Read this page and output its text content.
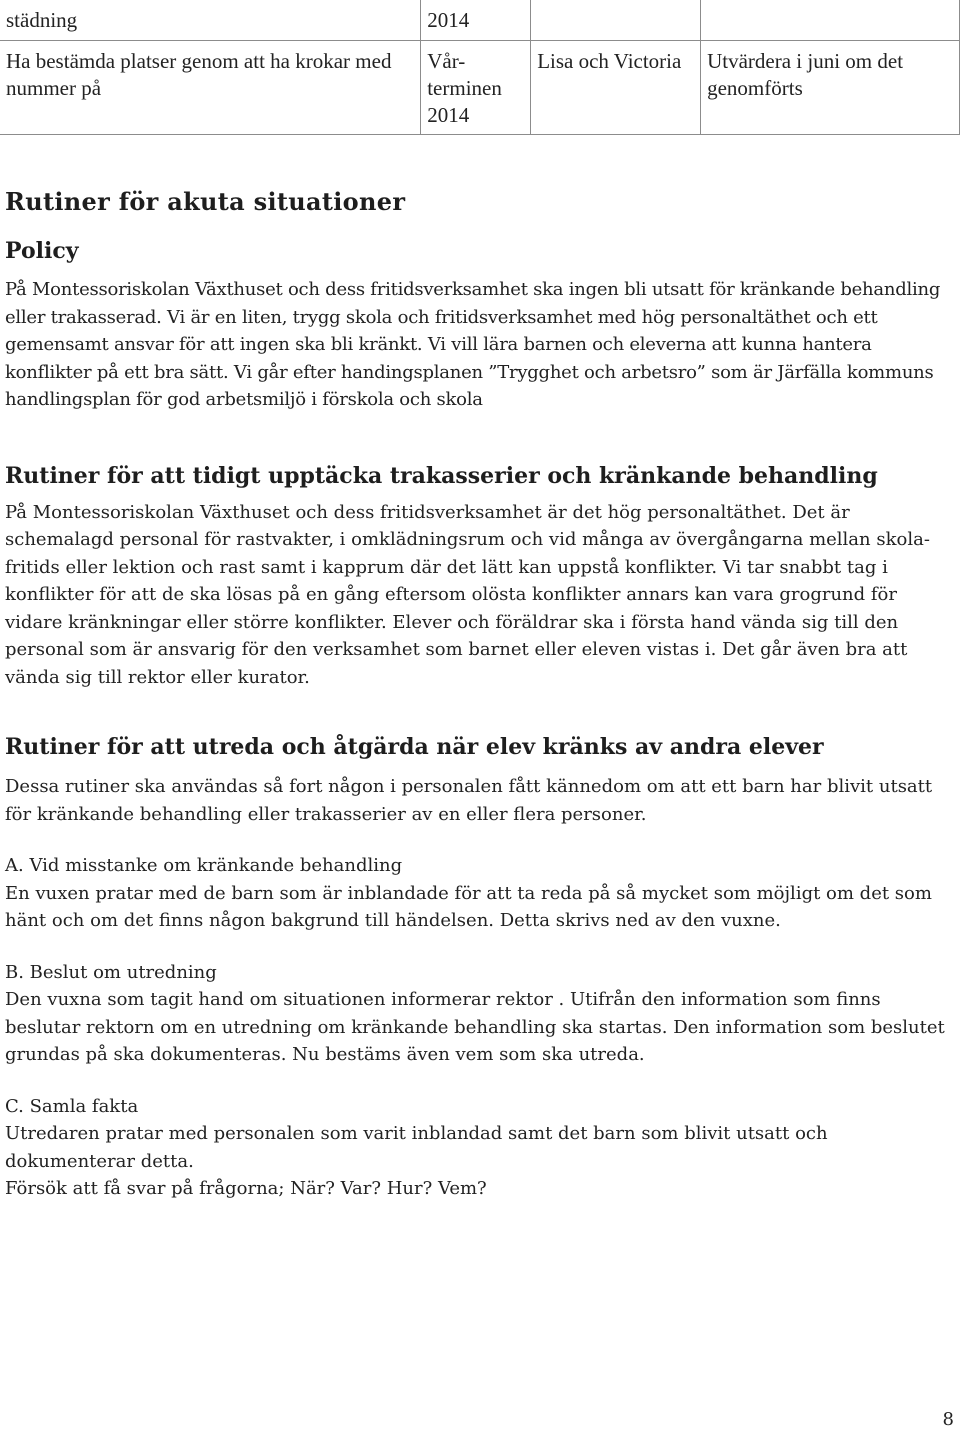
städning	2014		
Ha bestämda platser genom att ha krokar med nummer på	Vår-terminen 2014	Lisa och Victoria	Utvärdera i juni om det genomförts
Rutiner för akuta situationer
Policy

På Montessoriskolan Växthuset och dess fritidsverksamhet ska ingen bli utsatt för kränkande behandling eller trakasserad. Vi är en liten, trygg skola och fritidsverksamhet med hög personaltäthet och ett gemensamt ansvar för att ingen ska bli kränkt. Vi vill lära barnen och eleverna att kunna hantera konflikter på ett bra sätt. Vi går efter handingsplanen ”Trygghet och arbetsro” som är Järfälla kommuns handlingsplan för god arbetsmiljö i förskola och skola

Rutiner för att tidigt upptäcka trakasserier och kränkande behandling

På Montessoriskolan Växthuset och dess fritidsverksamhet är det hög personaltäthet. Det är schemalagd personal för rastvakter, i omklädningsrum och vid många av övergångarna mellan skola-fritids eller lektion och rast samt i kapprum där det lätt kan uppstå konflikter. Vi tar snabbt tag i konflikter för att de ska lösas på en gång eftersom olösta konflikter annars kan vara grogrund för vidare kränkningar eller större konflikter. Elever och föräldrar ska i första hand vända sig till den personal som är ansvarig för den verksamhet som barnet eller eleven vistas i. Det går även bra att vända sig till rektor eller kurator.

Rutiner för att utreda och åtgärda när elev kränks av andra elever

Dessa rutiner ska användas så fort någon i personalen fått kännedom om att ett barn har blivit utsatt för kränkande behandling eller trakasserier av en eller flera personer.

A. Vid misstanke om kränkande behandling

En vuxen pratar med de barn som är inblandade för att ta reda på så mycket som möjligt om det som hänt och om det finns någon bakgrund till händelsen. Detta skrivs ned av den vuxne.

B. Beslut om utredning

Den vuxna som tagit hand om situationen informerar rektor . Utifrån den information som finns beslutar rektorn om en utredning om kränkande behandling ska startas. Den information som beslutet grundas på ska dokumenteras. Nu bestäms även vem som ska utreda.

C. Samla fakta

Utredaren pratar med personalen som varit inblandad samt det barn som blivit utsatt och dokumenterar detta.

Försök att få svar på frågorna; När? Var? Hur? Vem?

8
